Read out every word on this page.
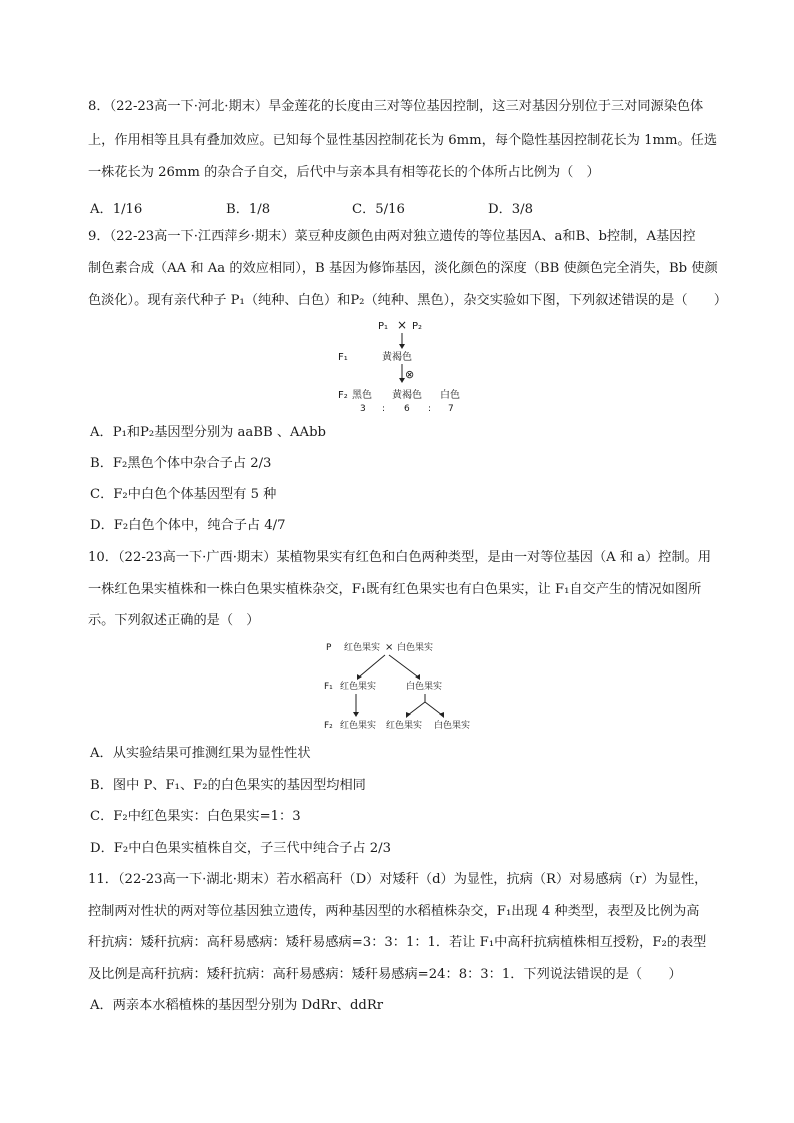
8．（22-23高一下·河北·期末）旱金莲花的长度由三对等位基因控制，这三对基因分别位于三对同源染色体
上，作用相等且具有叠加效应。已知每个显性基因控制花长为 6mm，每个隐性基因控制花长为 1mm。任选
一株花长为 26mm 的杂合子自交，后代中与亲本具有相等花长的个体所占比例为（　）
A．1/16	B．1/8	C．5/16	D．3/8
9．（22-23高一下·江西萍乡·期末）菜豆种皮颜色由两对独立遗传的等位基因A、a和B、b控制，A基因控
制色素合成（AA 和 Aa 的效应相同），B 基因为修饰基因，淡化颜色的深度（BB 使颜色完全消失，Bb 使颜
色淡化）。现有亲代种子 P₁（纯种、白色）和P₂（纯种、黑色），杂交实验如下图，下列叙述错误的是（　　）
P₁ × P₂
F₁	黄褐色
⊗
F₂ 黑色 黄褐色 白色
3 : 6 : 7
A．P₁和P₂基因型分别为 aaBB 、AAbb
B．F₂黑色个体中杂合子占 2/3
C．F₂中白色个体基因型有 5 种
D．F₂白色个体中，纯合子占 4/7
10．（22-23高一下·广西·期末）某植物果实有红色和白色两种类型，是由一对等位基因（A 和 a）控制。用
一株红色果实植株和一株白色果实植株杂交，F₁既有红色果实也有白色果实，让 F₁自交产生的情况如图所
示。下列叙述正确的是（　）
P 红色果实 × 白色果实
F₁ 红色果实	白色果实
F₂ 红色果实 红色果实 白色果实
A．从实验结果可推测红果为显性性状
B．图中 P、F₁、F₂的白色果实的基因型均相同
C．F₂中红色果实：白色果实=1：3
D．F₂中白色果实植株自交，子三代中纯合子占 2/3
11．（22-23高一下·湖北·期末）若水稻高秆（D）对矮秆（d）为显性，抗病（R）对易感病（r）为显性，
控制两对性状的两对等位基因独立遗传，两种基因型的水稻植株杂交，F₁出现 4 种类型，表型及比例为高
秆抗病：矮秆抗病：高秆易感病：矮秆易感病=3：3：1：1．若让 F₁中高秆抗病植株相互授粉，F₂的表型
及比例是高秆抗病：矮秆抗病：高秆易感病：矮秆易感病=24：8：3：1．下列说法错误的是（　　）
A．两亲本水稻植株的基因型分别为 DdRr、ddRr
